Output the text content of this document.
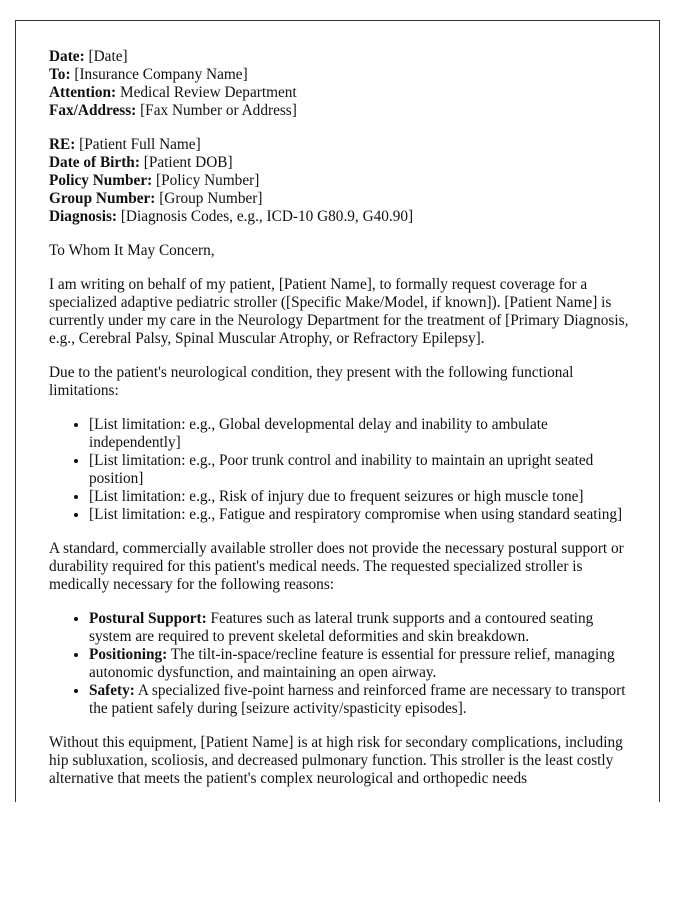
Date: [Date]
To: [Insurance Company Name]
Attention: Medical Review Department
Fax/Address: [Fax Number or Address]
RE: [Patient Full Name]
Date of Birth: [Patient DOB]
Policy Number: [Policy Number]
Group Number: [Group Number]
Diagnosis: [Diagnosis Codes, e.g., ICD-10 G80.9, G40.90]

To Whom It May Concern,

I am writing on behalf of my patient, [Patient Name], to formally request coverage for a specialized adaptive pediatric stroller ([Specific Make/Model, if known]). [Patient Name] is currently under my care in the Neurology Department for the treatment of [Primary Diagnosis, e.g., Cerebral Palsy, Spinal Muscular Atrophy, or Refractory Epilepsy].

Due to the patient's neurological condition, they present with the following functional limitations:

• [List limitation: e.g., Global developmental delay and inability to ambulate independently]
• [List limitation: e.g., Poor trunk control and inability to maintain an upright seated position]
• [List limitation: e.g., Risk of injury due to frequent seizures or high muscle tone]
• [List limitation: e.g., Fatigue and respiratory compromise when using standard seating]

A standard, commercially available stroller does not provide the necessary postural support or durability required for this patient's medical needs. The requested specialized stroller is medically necessary for the following reasons:

• Postural Support: Features such as lateral trunk supports and a contoured seating system are required to prevent skeletal deformities and skin breakdown.
• Positioning: The tilt-in-space/recline feature is essential for pressure relief, managing autonomic dysfunction, and maintaining an open airway.
• Safety: A specialized five-point harness and reinforced frame are necessary to transport the patient safely during [seizure activity/spasticity episodes].

Without this equipment, [Patient Name] is at high risk for secondary complications, including hip subluxation, scoliosis, and decreased pulmonary function. This stroller is the least costly alternative that meets the patient's complex neurological and orthopedic needs
